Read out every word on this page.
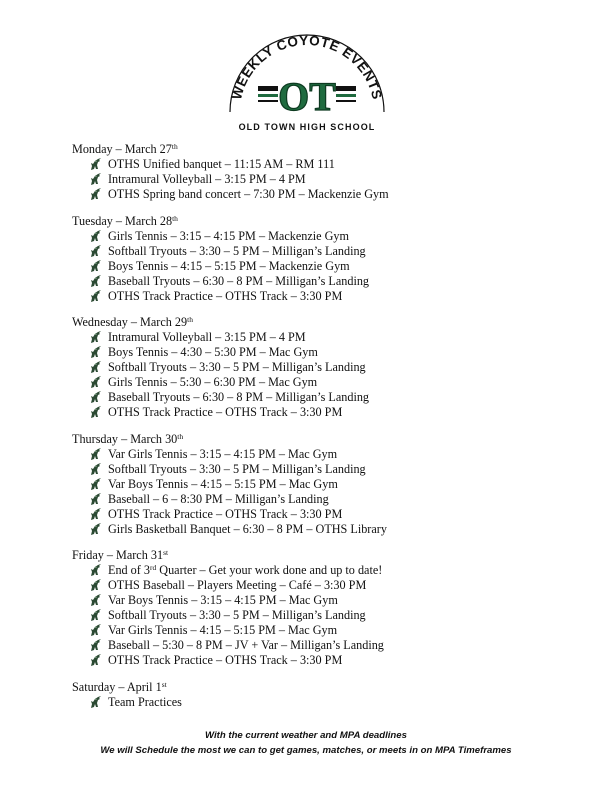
WEEKLY COYOTE EVENTS
OT
OLD TOWN HIGH SCHOOL
Monday – March 27th
OTHS Unified banquet – 11:15 AM – RM 111
Intramural Volleyball – 3:15 PM – 4 PM
OTHS Spring band concert – 7:30 PM – Mackenzie Gym
Tuesday – March 28th
Girls Tennis – 3:15 – 4:15 PM – Mackenzie Gym
Softball Tryouts – 3:30 – 5 PM – Milligan’s Landing
Boys Tennis – 4:15 – 5:15 PM – Mackenzie Gym
Baseball Tryouts – 6:30 – 8 PM – Milligan’s Landing
OTHS Track Practice – OTHS Track – 3:30 PM
Wednesday – March 29th
Intramural Volleyball – 3:15 PM – 4 PM
Boys Tennis – 4:30 – 5:30 PM – Mac Gym
Softball Tryouts – 3:30 – 5 PM – Milligan’s Landing
Girls Tennis – 5:30 – 6:30 PM – Mac Gym
Baseball Tryouts – 6:30 – 8 PM – Milligan’s Landing
OTHS Track Practice – OTHS Track – 3:30 PM
Thursday – March 30th
Var Girls Tennis – 3:15 – 4:15 PM – Mac Gym
Softball Tryouts – 3:30 – 5 PM – Milligan’s Landing
Var Boys Tennis – 4:15 – 5:15 PM – Mac Gym
Baseball – 6 – 8:30 PM – Milligan’s Landing
OTHS Track Practice – OTHS Track – 3:30 PM
Girls Basketball Banquet – 6:30 – 8 PM – OTHS Library
Friday – March 31st
End of 3rd Quarter – Get your work done and up to date!
OTHS Baseball – Players Meeting – Café – 3:30 PM
Var Boys Tennis – 3:15 – 4:15 PM – Mac Gym
Softball Tryouts – 3:30 – 5 PM – Milligan’s Landing
Var Girls Tennis – 4:15 – 5:15 PM – Mac Gym
Baseball – 5:30 – 8 PM – JV + Var – Milligan’s Landing
OTHS Track Practice – OTHS Track – 3:30 PM
Saturday – April 1st
Team Practices
With the current weather and MPA deadlines
We will Schedule the most we can to get games, matches, or meets in on MPA Timeframes
